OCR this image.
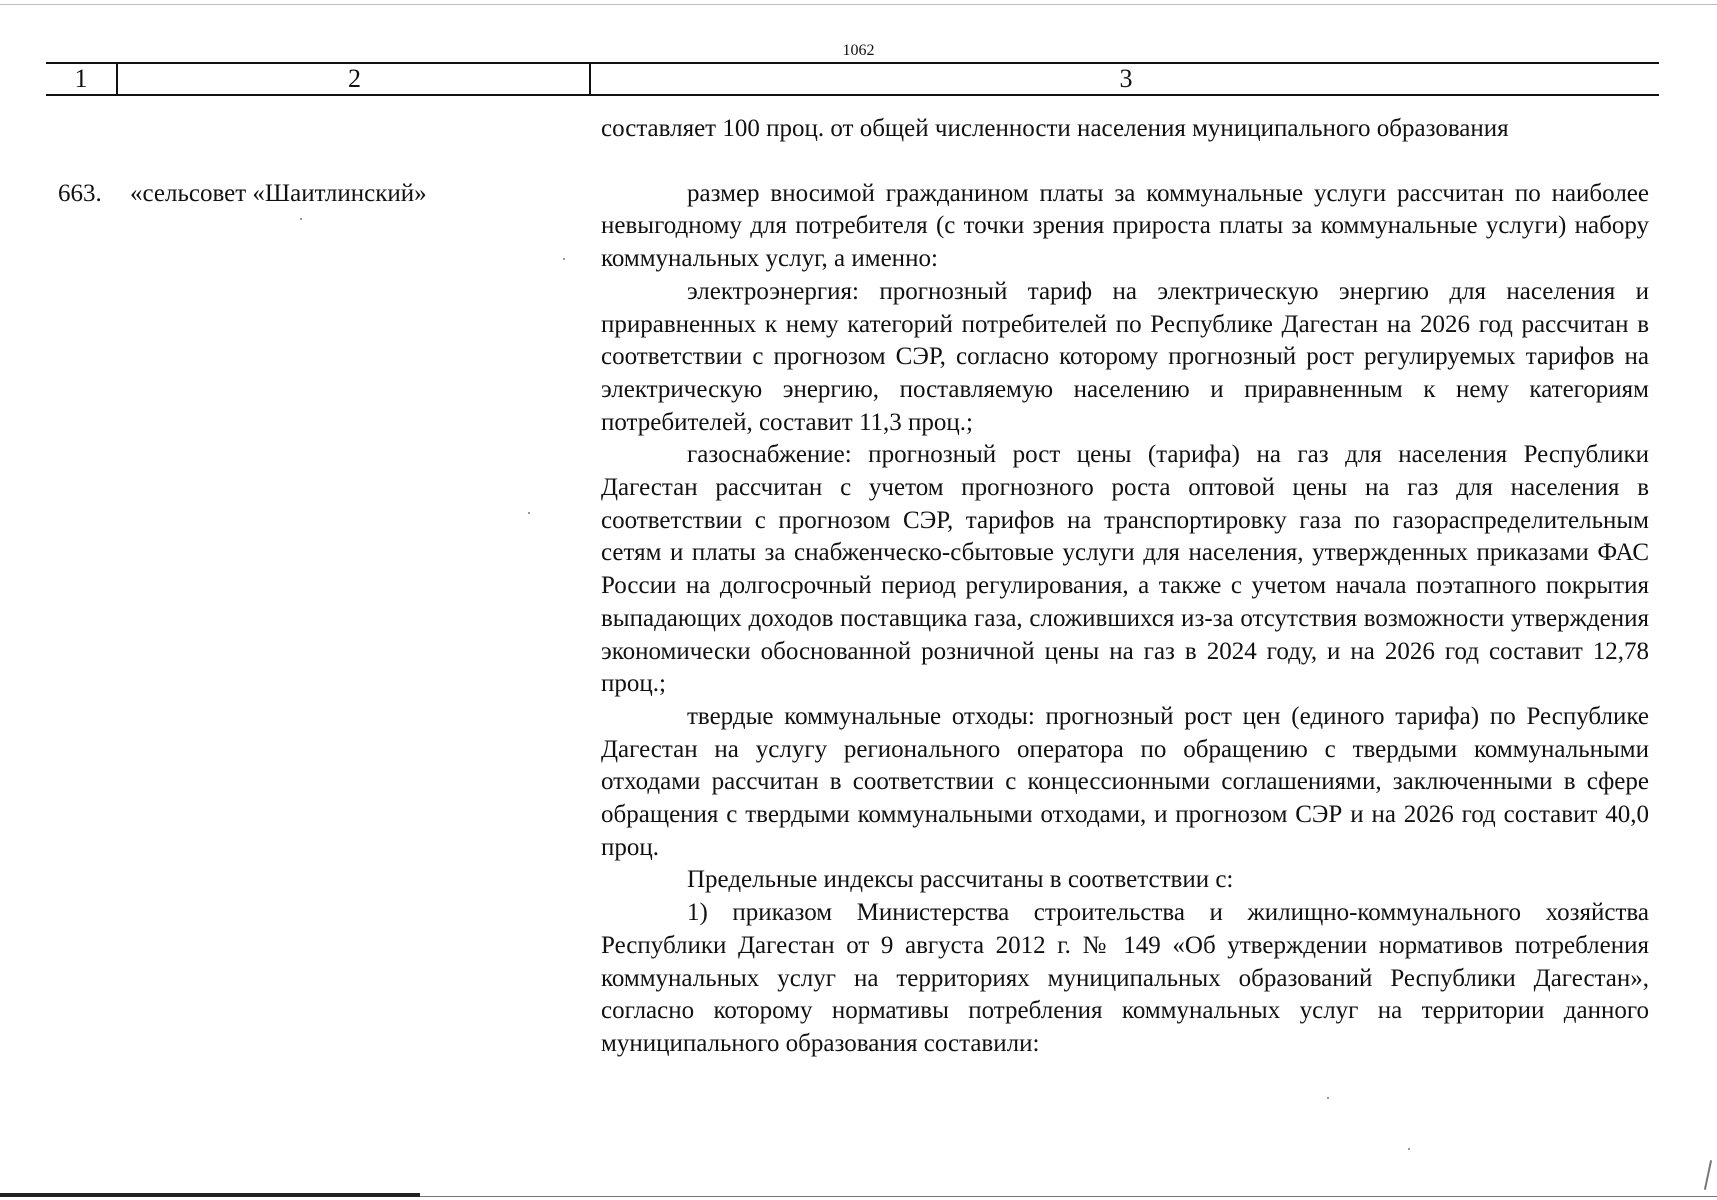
1062
1	2	3
663. «сельсовет «Шаитлинский»

составляет 100 проц. от общей численности населения муниципального образования

размер вносимой гражданином платы за коммунальные услуги рассчитан по наиболее невыгодному для потребителя (с точки зрения прироста платы за коммунальные услуги) набору коммунальных услуг, а именно:

электроэнергия: прогнозный тариф на электрическую энергию для населения и приравненных к нему категорий потребителей по Республике Дагестан на 2026 год рассчитан в соответствии с прогнозом СЭР, согласно которому прогнозный рост регулируемых тарифов на электрическую энергию, поставляемую населению и приравненным к нему категориям потребителей, составит 11,3 проц.;

газоснабжение: прогнозный рост цены (тарифа) на газ для населения Республики Дагестан рассчитан с учетом прогнозного роста оптовой цены на газ для населения в соответствии с прогнозом СЭР, тарифов на транспортировку газа по газораспределительным сетям и платы за снабженческо-сбытовые услуги для населения, утвержденных приказами ФАС России на долгосрочный период регулирования, а также с учетом начала поэтапного покрытия выпадающих доходов поставщика газа, сложившихся из-за отсутствия возможности утверждения экономически обоснованной розничной цены на газ в 2024 году, и на 2026 год составит 12,78 проц.;

твердые коммунальные отходы: прогнозный рост цен (единого тарифа) по Республике Дагестан на услугу регионального оператора по обращению с твердыми коммунальными отходами рассчитан в соответствии с концессионными соглашениями, заключенными в сфере обращения с твердыми коммунальными отходами, и прогнозом СЭР и на 2026 год составит 40,0 проц.

Предельные индексы рассчитаны в соответствии с:

1) приказом Министерства строительства и жилищно-коммунального хозяйства Республики Дагестан от 9 августа 2012 г. № 149 «Об утверждении нормативов потребления коммунальных услуг на территориях муниципальных образований Республики Дагестан», согласно которому нормативы потребления коммунальных услуг на территории данного муниципального образования составили:
